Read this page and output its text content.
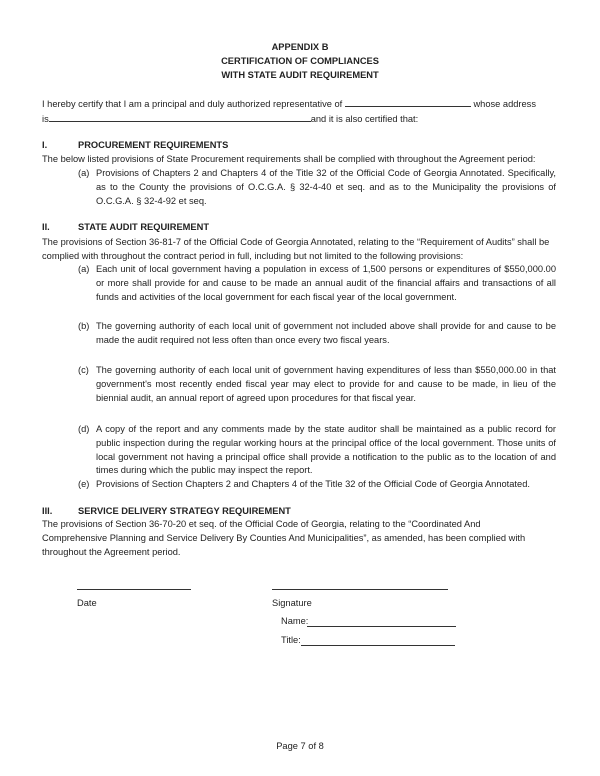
APPENDIX B
CERTIFICATION OF COMPLIANCES
WITH STATE AUDIT REQUIREMENT
I hereby certify that I am a principal and duly authorized representative of	whose address
is	and it is also certified that:
I.	PROCUREMENT REQUIREMENTS
The below listed provisions of State Procurement requirements shall be complied with throughout the Agreement period:
(a) Provisions of Chapters 2 and Chapters 4 of the Title 32 of the Official Code of Georgia Annotated. Specifically, as to the County the provisions of O.C.G.A. § 32-4-40 et seq. and as to the Municipality the provisions of O.C.G.A. § 32-4-92 et seq.
II.	STATE AUDIT REQUIREMENT
The provisions of Section 36-81-7 of the Official Code of Georgia Annotated, relating to the “Requirement of Audits” shall be complied with throughout the contract period in full, including but not limited to the following provisions:
(a) Each unit of local government having a population in excess of 1,500 persons or expenditures of $550,000.00 or more shall provide for and cause to be made an annual audit of the financial affairs and transactions of all funds and activities of the local government for each fiscal year of the local government.
(b) The governing authority of each local unit of government not included above shall provide for and cause to be made the audit required not less often than once every two fiscal years.
(c) The governing authority of each local unit of government having expenditures of less than $550,000.00 in that government's most recently ended fiscal year may elect to provide for and cause to be made, in lieu of the biennial audit, an annual report of agreed upon procedures for that fiscal year.
(d) A copy of the report and any comments made by the state auditor shall be maintained as a public record for public inspection during the regular working hours at the principal office of the local government. Those units of local government not having a principal office shall provide a notification to the public as to the location of and times during which the public may inspect the report.
(e) Provisions of Section Chapters 2 and Chapters 4 of the Title 32 of the Official Code of Georgia Annotated.
III.	SERVICE DELIVERY STRATEGY REQUIREMENT
The provisions of Section 36-70-20 et seq. of the Official Code of Georgia, relating to the “Coordinated And Comprehensive Planning and Service Delivery By Counties And Municipalities”, as amended, has been complied with throughout the Agreement period.
Date	Signature
Name:
Title:
Page 7 of 8
